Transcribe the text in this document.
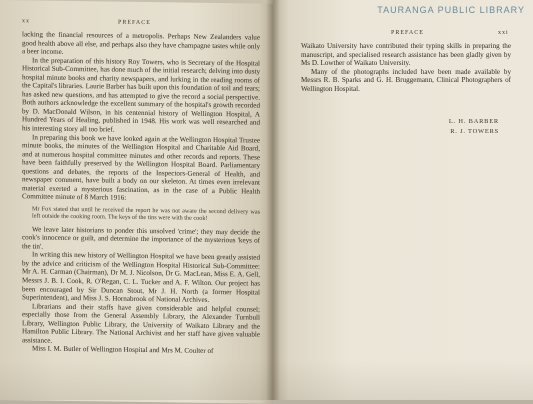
xx	PREFACE

lacking the financial resources of a metropolis. Perhaps New Zealanders value good health above all else, and perhaps also they have champagne tastes while only a beer income.

In the preparation of this history Roy Towers, who is Secretary of the Hospital Historical Sub-Committee, has done much of the initial research; delving into dusty hospital minute books and charity newspapers, and lurking in the reading rooms of the Capital's libraries. Laurie Barber has built upon this foundation of toil and tears; has asked new questions, and has attempted to give the record a social perspective. Both authors acknowledge the excellent summary of the hospital's growth recorded by D. MacDonald Wilson, in his centennial history of Wellington Hospital, A Hundred Years of Healing, published in 1948. His work was well researched and his interesting story all too brief.

In preparing this book we have looked again at the Wellington Hospital Trustee minute books, the minutes of the Wellington Hospital and Charitable Aid Board, and at numerous hospital committee minutes and other records and reports. These have been faithfully preserved by the Wellington Hospital Board. Parliamentary questions and debates, the reports of the Inspectors-General of Health, and newspaper comment, have built a body on our skeleton. At times even irrelevant material exerted a mysterious fascination, as in the case of a Public Health Committee minute of 8 March 1916:

Mr Fox stated that until he received the report he was not aware the second delivery was left outside the cooking room. The keys of the tins were with the cook!

We leave later historians to ponder this unsolved 'crime'; they may decide the cook's innocence or guilt, and determine the importance of the mysterious 'keys of the tin'.

In writing this new history of Wellington Hospital we have been greatly assisted by the advice and criticism of the Wellington Hospital Historical Sub-Committee: Mr A. H. Carman (Chairman), Dr M. J. Nicolson, Dr G. MacLean, Miss E. A. Gell, Messrs J. B. I. Cook, R. O'Regan, C. L. Tucker and A. F. Wilton. Our project has been encouraged by Sir Duncan Stout, Mr J. H. North (a former Hospital Superintendent), and Miss J. S. Hornabrook of National Archives.

Librarians and their staffs have given considerable and helpful counsel; especially those from the General Assembly Library, the Alexander Turnbull Library, Wellington Public Library, the University of Waikato Library and the Hamilton Public Library. The National Archivist and her staff have given valuable assistance.

Miss I. M. Butler of Wellington Hospital and Mrs M. Coulter of

TAURANGA PUBLIC LIBRARY
PREFACE	xxi

Waikato University have contributed their typing skills in preparing the manuscript, and specialised research assistance has been gladly given by Ms D. Lowther of Waikato University.

Many of the photographs included have been made available by Messrs R. B. Sparks and G. H. Bruggemann, Clinical Photographers of Wellington Hospital.

L. H. BARBER
R. J. TOWERS
